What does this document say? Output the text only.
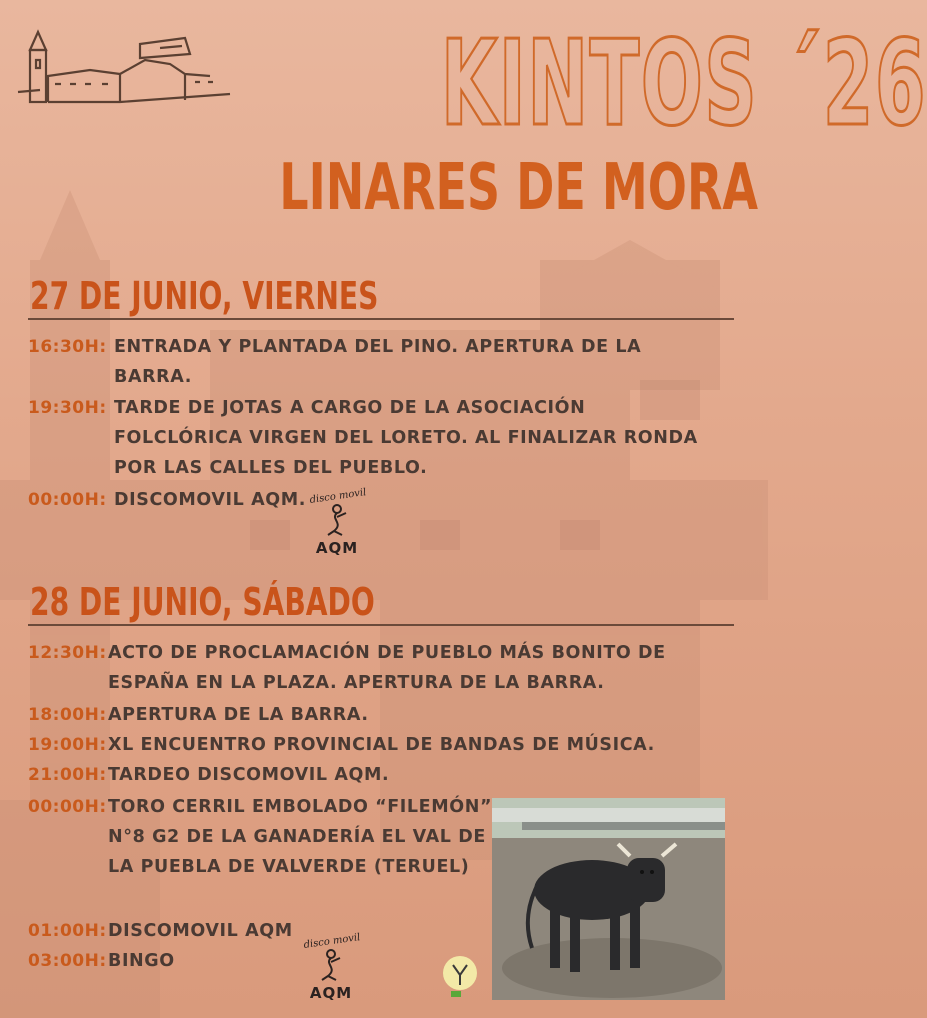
KINTOS ´26
LINARES DE MORA
27 DE JUNIO, VIERNES
16:30H: ENTRADA Y PLANTADA DEL PINO. APERTURA DE LA
BARRA.
19:30H: TARDE DE JOTAS A CARGO DE LA ASOCIACIÓN
FOLCLÓRICA VIRGEN DEL LORETO. AL FINALIZAR RONDA
POR LAS CALLES DEL PUEBLO.
00:00H: DISCOMOVIL AQM. disco movil
AQM
28 DE JUNIO, SÁBADO
12:30H: ACTO DE PROCLAMACIÓN DE PUEBLO MÁS BONITO DE
ESPAÑA EN LA PLAZA. APERTURA DE LA BARRA.
18:00H: APERTURA DE LA BARRA.
19:00H: XL ENCUENTRO PROVINCIAL DE BANDAS DE MÚSICA.
21:00H: TARDEO DISCOMOVIL AQM.
00:00H: TORO CERRIL EMBOLADO “FILEMÓN”
N°8 G2 DE LA GANADERÍA EL VAL DE
LA PUEBLA DE VALVERDE (TERUEL)
01:00H: DISCOMOVIL AQM
03:00H: BINGO
disco movil
AQM
